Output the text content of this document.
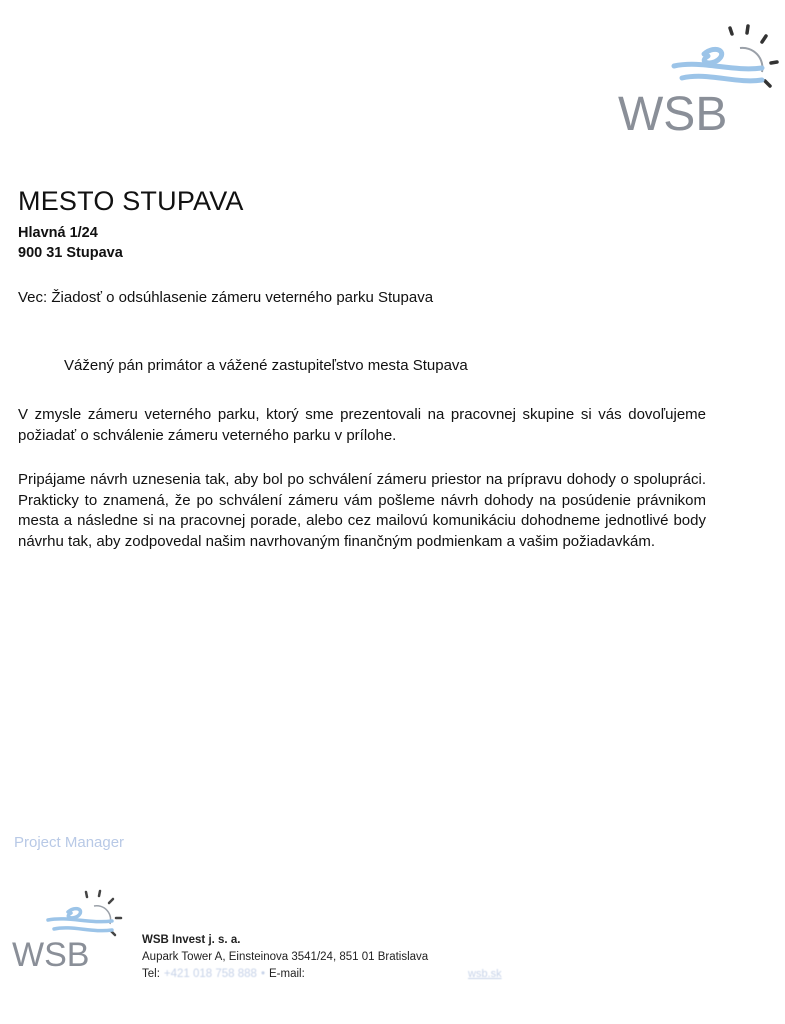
WSB
MESTO STUPAVA
Hlavná 1/24
900 31 Stupava
Vec: Žiadosť o odsúhlasenie zámeru veterného parku Stupava
Vážený pán primátor a vážené zastupiteľstvo mesta Stupava
V zmysle zámeru veterného parku, ktorý sme prezentovali na pracovnej skupine si vás dovoľujeme požiadať o schválenie zámeru veterného parku v prílohe.
Pripájame návrh uznesenia tak, aby bol po schválení zámeru priestor na prípravu dohody o spolupráci. Prakticky to znamená, že po schválení zámeru vám pošleme návrh dohody na posúdenie právnikom mesta a následne si na pracovnej porade, alebo cez mailovú komunikáciu dohodneme jednotlivé body návrhu tak, aby zodpovedal našim navrhovaným finančným podmienkam a vašim požiadavkám.
Project Manager
WSB	WSB Invest j. s. a.
Aupark Tower A, Einsteinova 3541/24, 851 01 Bratislava
Tel: +421 018 758 888 • E-mail:	wsb.sk
